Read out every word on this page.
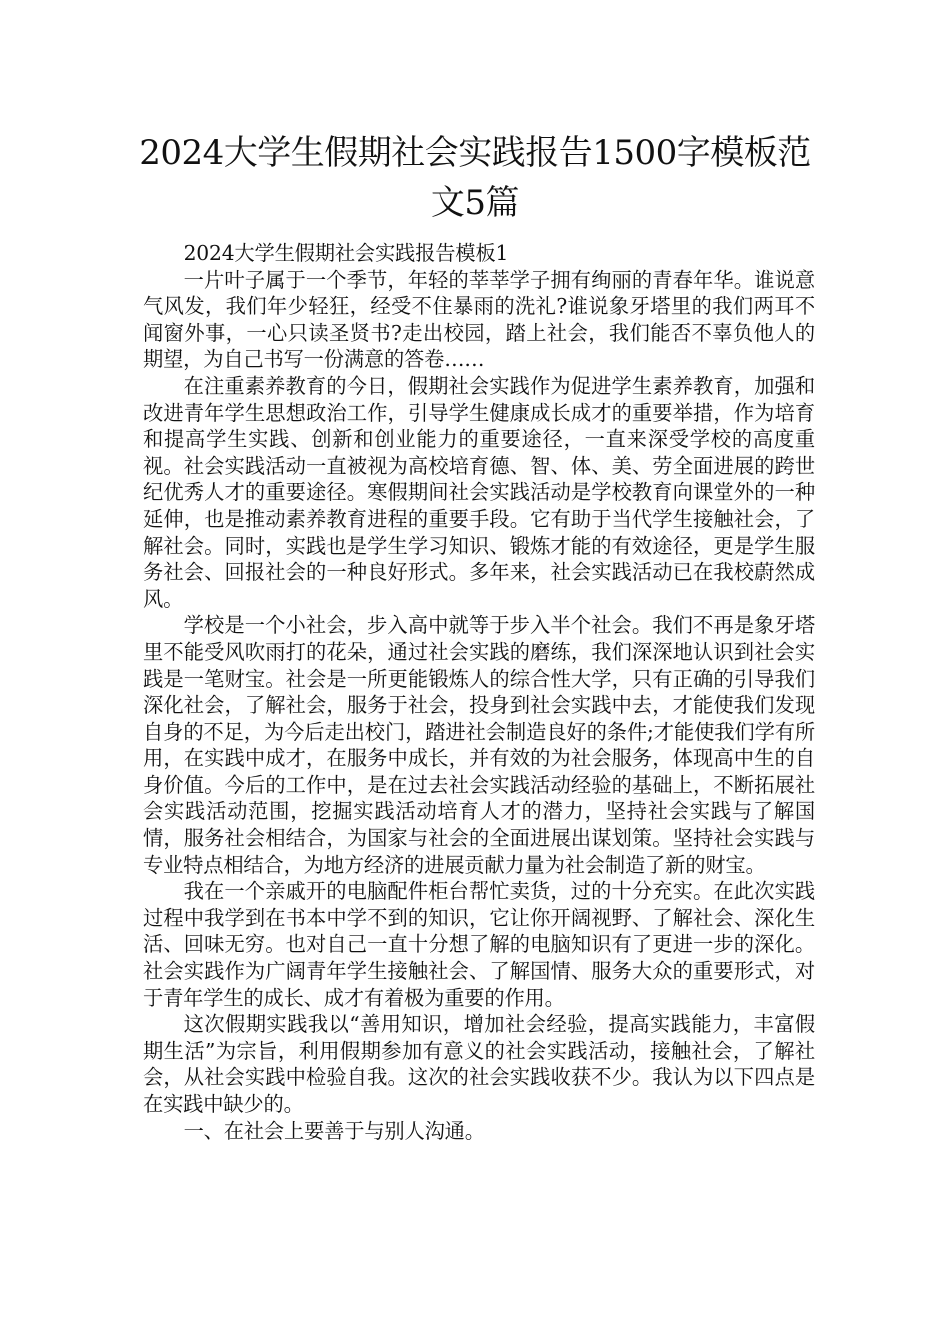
2024大学生假期社会实践报告1500字模板范文5篇

2024大学生假期社会实践报告模板1

一片叶子属于一个季节，年轻的莘莘学子拥有绚丽的青春年华。谁说意气风发，我们年少轻狂，经受不住暴雨的洗礼?谁说象牙塔里的我们两耳不闻窗外事，一心只读圣贤书?走出校园，踏上社会，我们能否不辜负他人的期望，为自己书写一份满意的答卷……

在注重素养教育的今日，假期社会实践作为促进学生素养教育，加强和改进青年学生思想政治工作，引导学生健康成长成才的重要举措，作为培育和提高学生实践、创新和创业能力的重要途径，一直来深受学校的高度重视。社会实践活动一直被视为高校培育德、智、体、美、劳全面进展的跨世纪优秀人才的重要途径。寒假期间社会实践活动是学校教育向课堂外的一种延伸，也是推动素养教育进程的重要手段。它有助于当代学生接触社会，了解社会。同时，实践也是学生学习知识、锻炼才能的有效途径，更是学生服务社会、回报社会的一种良好形式。多年来，社会实践活动已在我校蔚然成风。

学校是一个小社会，步入高中就等于步入半个社会。我们不再是象牙塔里不能受风吹雨打的花朵，通过社会实践的磨练，我们深深地认识到社会实践是一笔财宝。社会是一所更能锻炼人的综合性大学，只有正确的引导我们深化社会，了解社会，服务于社会，投身到社会实践中去，才能使我们发现自身的不足，为今后走出校门，踏进社会制造良好的条件;才能使我们学有所用，在实践中成才，在服务中成长，并有效的为社会服务，体现高中生的自身价值。今后的工作中，是在过去社会实践活动经验的基础上，不断拓展社会实践活动范围，挖掘实践活动培育人才的潜力，坚持社会实践与了解国情，服务社会相结合，为国家与社会的全面进展出谋划策。坚持社会实践与专业特点相结合，为地方经济的进展贡献力量为社会制造了新的财宝。

我在一个亲戚开的电脑配件柜台帮忙卖货，过的十分充实。在此次实践过程中我学到在书本中学不到的知识，它让你开阔视野、了解社会、深化生活、回味无穷。也对自己一直十分想了解的电脑知识有了更进一步的深化。社会实践作为广阔青年学生接触社会、了解国情、服务大众的重要形式，对于青年学生的成长、成才有着极为重要的作用。

这次假期实践我以“善用知识，增加社会经验，提高实践能力，丰富假期生活”为宗旨，利用假期参加有意义的社会实践活动，接触社会，了解社会，从社会实践中检验自我。这次的社会实践收获不少。我认为以下四点是在实践中缺少的。

一、在社会上要善于与别人沟通。
